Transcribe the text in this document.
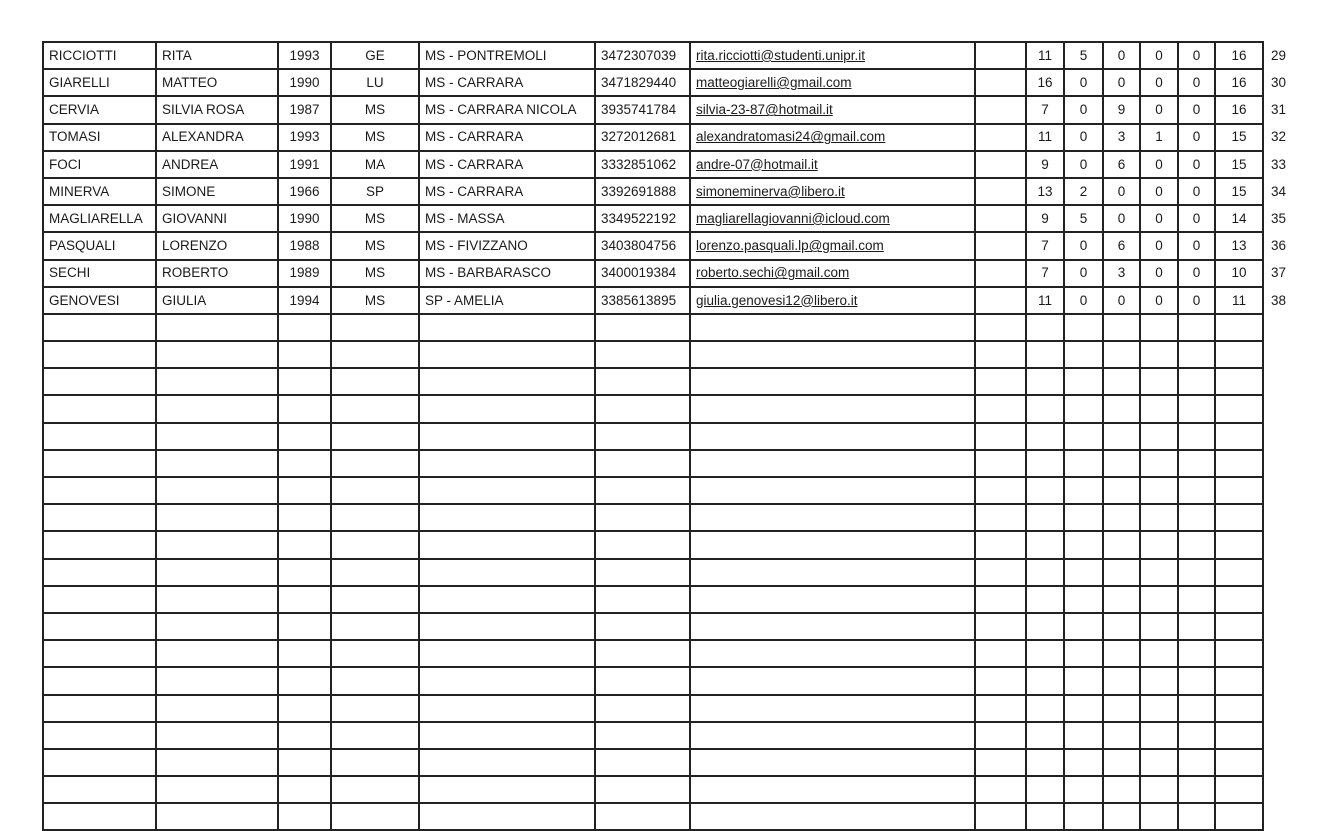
RICCIOTTI	RITA	1993	GE	MS - PONTREMOLI	3472307039	rita.ricciotti@studenti.unipr.it		11	5	0	0	0	16	29
GIARELLI	MATTEO	1990	LU	MS - CARRARA	3471829440	matteogiarelli@gmail.com		16	0	0	0	0	16	30
CERVIA	SILVIA ROSA	1987	MS	MS - CARRARA NICOLA	3935741784	silvia-23-87@hotmail.it		7	0	9	0	0	16	31
TOMASI	ALEXANDRA	1993	MS	MS - CARRARA	3272012681	alexandratomasi24@gmail.com		11	0	3	1	0	15	32
FOCI	ANDREA	1991	MA	MS - CARRARA	3332851062	andre-07@hotmail.it		9	0	6	0	0	15	33
MINERVA	SIMONE	1966	SP	MS - CARRARA	3392691888	simoneminerva@libero.it		13	2	0	0	0	15	34
MAGLIARELLA	GIOVANNI	1990	MS	MS - MASSA	3349522192	magliarellagiovanni@icloud.com		9	5	0	0	0	14	35
PASQUALI	LORENZO	1988	MS	MS - FIVIZZANO	3403804756	lorenzo.pasquali.lp@gmail.com		7	0	6	0	0	13	36
SECHI	ROBERTO	1989	MS	MS - BARBARASCO	3400019384	roberto.sechi@gmail.com		7	0	3	0	0	10	37
GENOVESI	GIULIA	1994	MS	SP - AMELIA	3385613895	giulia.genovesi12@libero.it		11	0	0	0	0	11	38
